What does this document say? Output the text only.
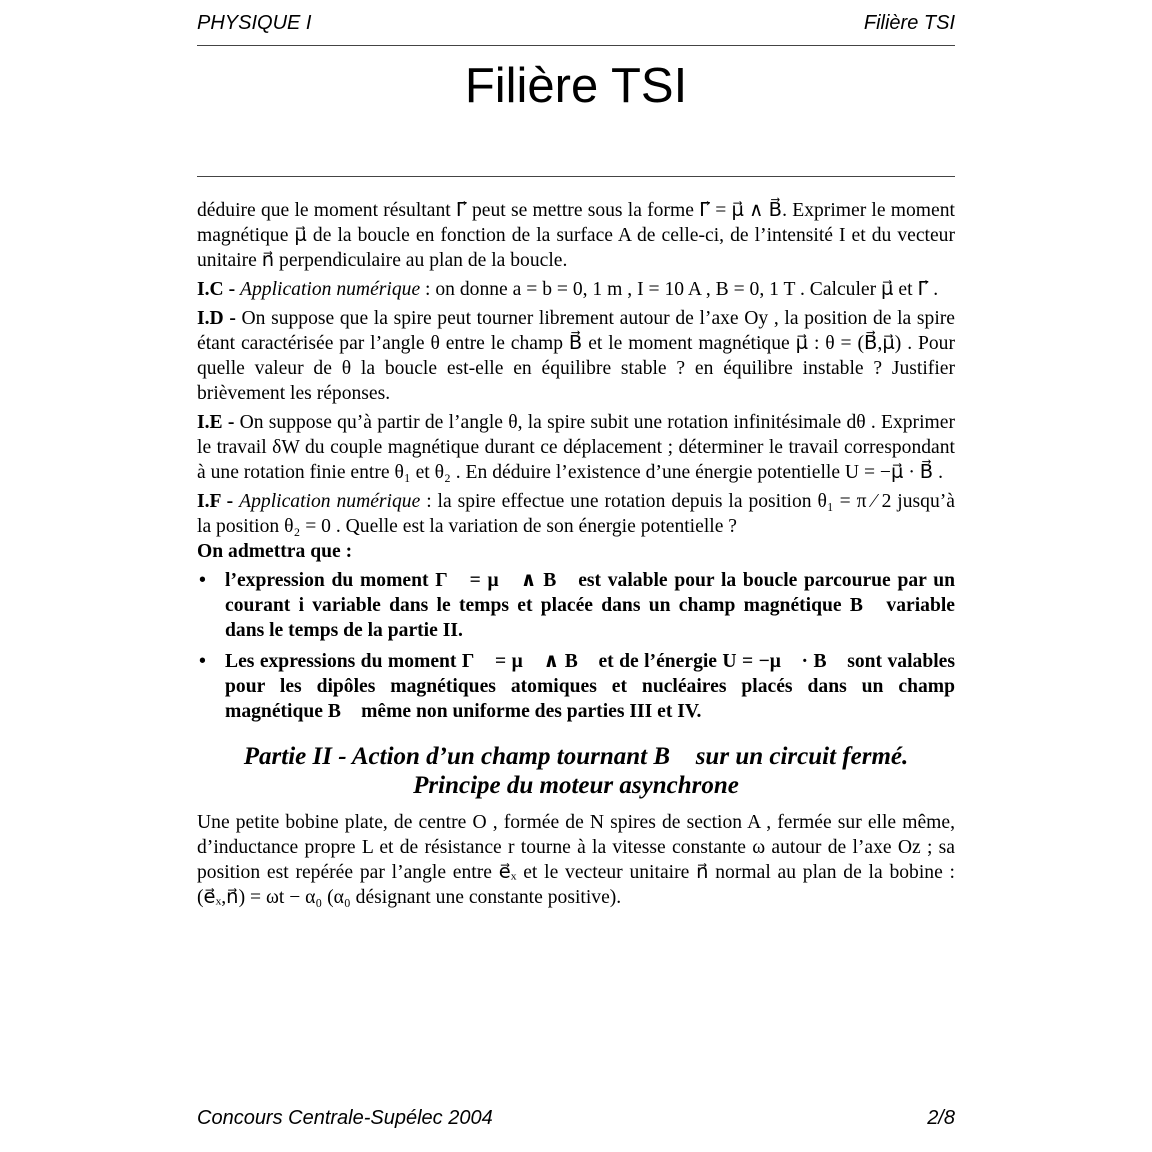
PHYSIQUE I	Filière TSI
Filière TSI

déduire que le moment résultant Γ⃗ peut se mettre sous la forme Γ⃗ = μ⃗ ∧ B⃗. Exprimer le moment magnétique μ⃗ de la boucle en fonction de la surface A de celle-ci, de l’intensité I et du vecteur unitaire n⃗ perpendiculaire au plan de la boucle.

I.C - Application numérique : on donne a = b = 0, 1 m , I = 10 A , B = 0, 1 T . Calculer μ⃗ et Γ⃗ .

I.D - On suppose que la spire peut tourner librement autour de l’axe Oy , la position de la spire étant caractérisée par l’angle θ entre le champ B⃗ et le moment magnétique μ⃗ : θ = (B⃗,μ⃗) . Pour quelle valeur de θ la boucle est-elle en équilibre stable ? en équilibre instable ? Justifier brièvement les réponses.

I.E - On suppose qu’à partir de l’angle θ, la spire subit une rotation infinitésimale dθ . Exprimer le travail δW du couple magnétique durant ce déplacement ; déterminer le travail correspondant à une rotation finie entre θ₁ et θ₂ . En déduire l’existence d’une énergie potentielle U = −μ⃗ · B⃗ .

I.F - Application numérique : la spire effectue une rotation depuis la position θ₁ = π ⁄ 2 jusqu’à la position θ₂ = 0 . Quelle est la variation de son énergie potentielle ?

On admettra que :

• l’expression du moment Γ⃗ = μ⃗ ∧ B⃗ est valable pour la boucle parcourue par un courant i variable dans le temps et placée dans un champ magnétique B⃗ variable dans le temps de la partie II.
• Les expressions du moment Γ⃗ = μ⃗ ∧ B⃗ et de l’énergie U = −μ⃗ · B⃗ sont valables pour les dipôles magnétiques atomiques et nucléaires placés dans un champ magnétique B⃗ même non uniforme des parties III et IV.
Partie II - Action d’un champ tournant B⃗ sur un circuit fermé. Principe du moteur asynchrone

Une petite bobine plate, de centre O , formée de N spires de section A , fermée sur elle même, d’inductance propre L et de résistance r tourne à la vitesse constante ω autour de l’axe Oz ; sa position est repérée par l’angle entre e⃗ₓ et le vecteur unitaire n⃗ normal au plan de la bobine : (e⃗ₓ,n⃗) = ωt − α₀ (α₀ désignant une constante positive).

Concours Centrale-Supélec 2004	2/8
